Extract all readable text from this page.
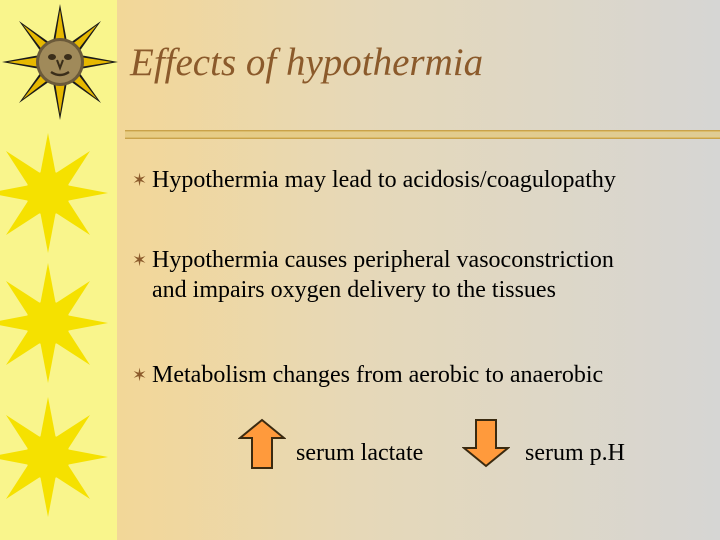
Effects of hypothermia
✶ Hypothermia may lead to acidosis/coagulopathy
✶ Hypothermia causes peripheral vasoconstriction
and impairs oxygen delivery to the tissues
✶ Metabolism changes from aerobic to anaerobic
serum lactate	serum p.H
